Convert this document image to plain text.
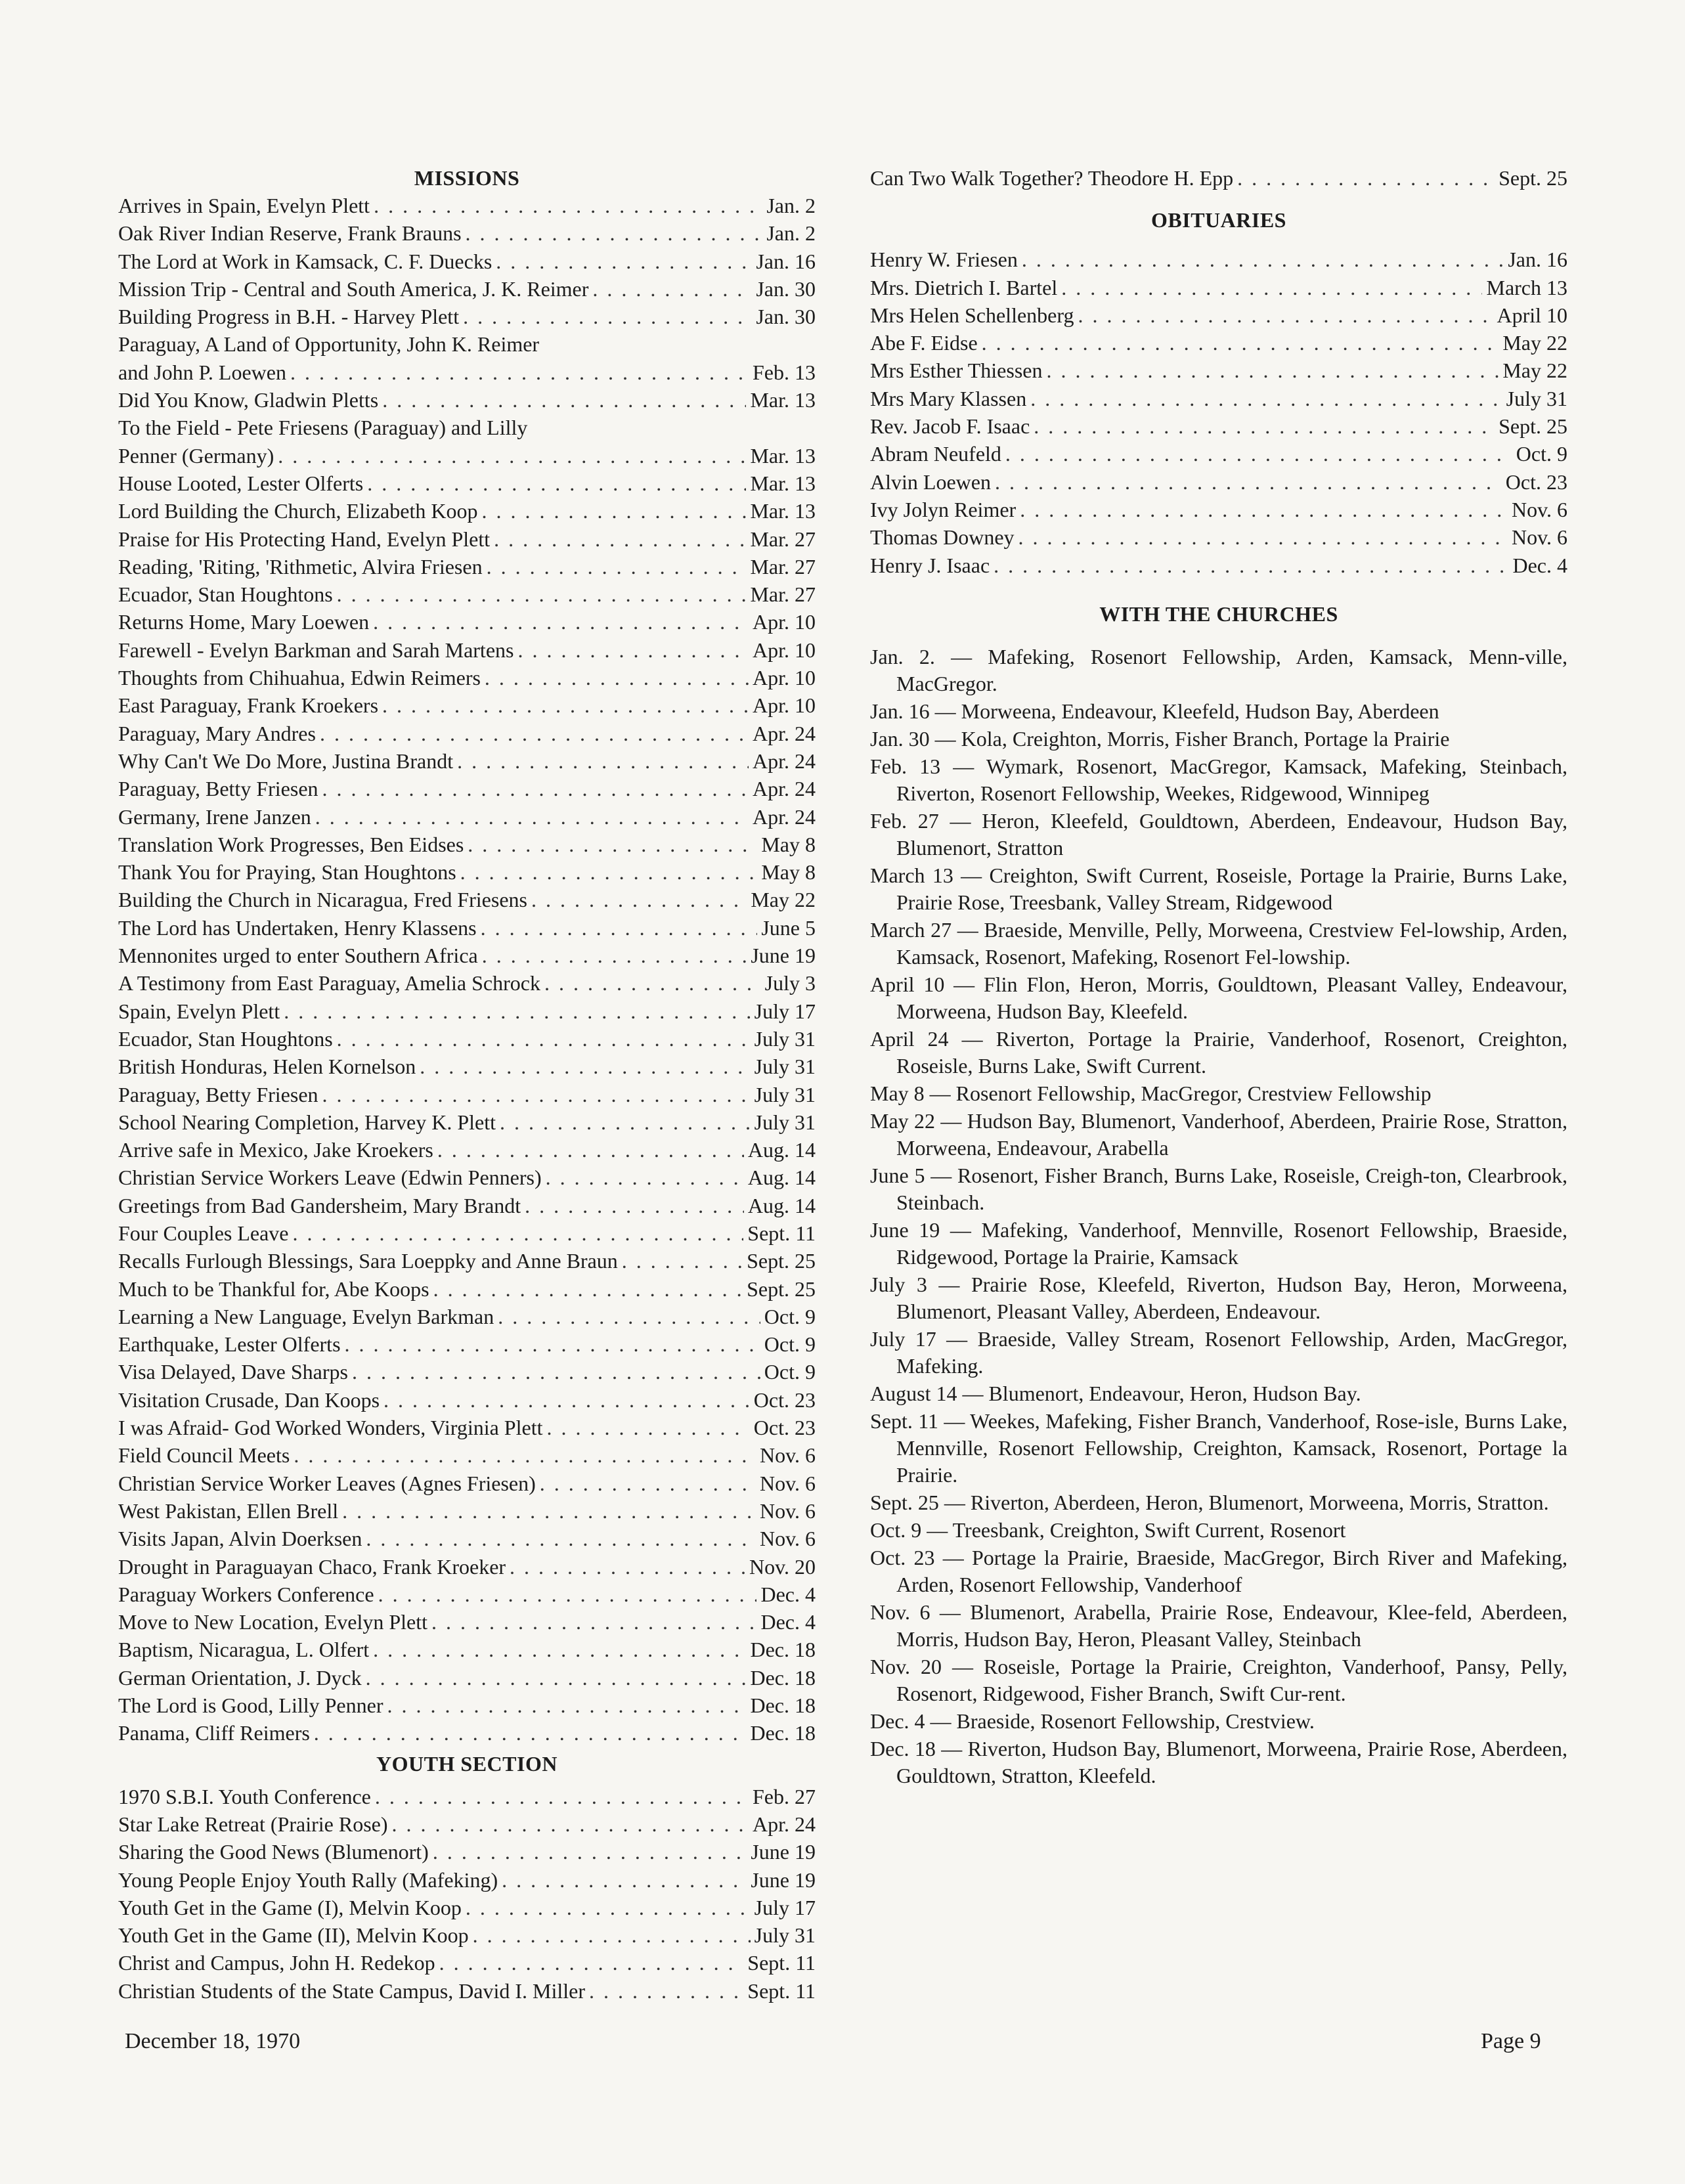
MISSIONS
Arrives in Spain, Evelyn Plett . . .	Jan. 2
Oak River Indian Reserve, Frank Brauns . . .	Jan. 2
The Lord at Work in Kamsack, C. F. Duecks . . .	Jan. 16
Mission Trip - Central and South America, J. K. Reimer . . .	Jan. 30
Building Progress in B.H. - Harvey Plett . . .	Jan. 30
Paraguay, A Land of Opportunity, John K. Reimer
and John P. Loewen . . .	Feb. 13
Did You Know, Gladwin Pletts . . .	Mar. 13
To the Field - Pete Friesens (Paraguay) and Lilly
Penner (Germany) . . .	Mar. 13
House Looted, Lester Olferts . . .	Mar. 13
Lord Building the Church, Elizabeth Koop . . .	Mar. 13
Praise for His Protecting Hand, Evelyn Plett . . .	Mar. 27
Reading, 'Riting, 'Rithmetic, Alvira Friesen . . .	Mar. 27
Ecuador, Stan Houghtons . . .	Mar. 27
Returns Home, Mary Loewen . . .	Apr. 10
Farewell - Evelyn Barkman and Sarah Martens . . .	Apr. 10
Thoughts from Chihuahua, Edwin Reimers . . .	Apr. 10
East Paraguay, Frank Kroekers . . .	Apr. 10
Paraguay, Mary Andres . . .	Apr. 24
Why Can't We Do More, Justina Brandt . . .	Apr. 24
Paraguay, Betty Friesen . . .	Apr. 24
Germany, Irene Janzen . . .	Apr. 24
Translation Work Progresses, Ben Eidses . . .	May 8
Thank You for Praying, Stan Houghtons . . .	May 8
Building the Church in Nicaragua, Fred Friesens . . .	May 22
The Lord has Undertaken, Henry Klassens . . .	June 5
Mennonites urged to enter Southern Africa . . .	June 19
A Testimony from East Paraguay, Amelia Schrock . . .	July 3
Spain, Evelyn Plett . . .	July 17
Ecuador, Stan Houghtons . . .	July 31
British Honduras, Helen Kornelson . . .	July 31
Paraguay, Betty Friesen . . .	July 31
School Nearing Completion, Harvey K. Plett . . .	July 31
Arrive safe in Mexico, Jake Kroekers . . .	Aug. 14
Christian Service Workers Leave (Edwin Penners) . . .	Aug. 14
Greetings from Bad Gandersheim, Mary Brandt . . .	Aug. 14
Four Couples Leave . . .	Sept. 11
Recalls Furlough Blessings, Sara Loeppky and Anne Braun . . .	Sept. 25
Much to be Thankful for, Abe Koops . . .	Sept. 25
Learning a New Language, Evelyn Barkman . . .	Oct. 9
Earthquake, Lester Olferts . . .	Oct. 9
Visa Delayed, Dave Sharps . . .	Oct. 9
Visitation Crusade, Dan Koops . . .	Oct. 23
I was Afraid- God Worked Wonders, Virginia Plett . . .	Oct. 23
Field Council Meets . . .	Nov. 6
Christian Service Worker Leaves (Agnes Friesen) . . .	Nov. 6
West Pakistan, Ellen Brell . . .	Nov. 6
Visits Japan, Alvin Doerksen . . .	Nov. 6
Drought in Paraguayan Chaco, Frank Kroeker . . .	Nov. 20
Paraguay Workers Conference . . .	Dec. 4
Move to New Location, Evelyn Plett . . .	Dec. 4
Baptism, Nicaragua, L. Olfert . . .	Dec. 18
German Orientation, J. Dyck . . .	Dec. 18
The Lord is Good, Lilly Penner . . .	Dec. 18
Panama, Cliff Reimers . . .	Dec. 18
YOUTH SECTION
1970 S.B.I. Youth Conference . . .	Feb. 27
Star Lake Retreat (Prairie Rose) . . .	Apr. 24
Sharing the Good News (Blumenort) . . .	June 19
Young People Enjoy Youth Rally (Mafeking) . . .	June 19
Youth Get in the Game (I), Melvin Koop . . .	July 17
Youth Get in the Game (II), Melvin Koop . . .	July 31
Christ and Campus, John H. Redekop . . .	Sept. 11
Christian Students of the State Campus, David I. Miller . . .	Sept. 11
Can Two Walk Together? Theodore H. Epp . . .	Sept. 25
OBITUARIES
Henry W. Friesen . . .	Jan. 16
Mrs. Dietrich I. Bartel . . .	March 13
Mrs Helen Schellenberg . . .	April 10
Abe F. Eidse . . .	May 22
Mrs Esther Thiessen . . .	May 22
Mrs Mary Klassen . . .	July 31
Rev. Jacob F. Isaac . . .	Sept. 25
Abram Neufeld . . .	Oct. 9
Alvin Loewen . . .	Oct. 23
Ivy Jolyn Reimer . . .	Nov. 6
Thomas Downey . . .	Nov. 6
Henry J. Isaac . . .	Dec. 4
WITH THE CHURCHES
Jan. 2. — Mafeking, Rosenort Fellowship, Arden, Kamsack, Menn-ville, MacGregor.
Jan. 16 — Morweena, Endeavour, Kleefeld, Hudson Bay, Aberdeen
Jan. 30 — Kola, Creighton, Morris, Fisher Branch, Portage la Prairie
Feb. 13 — Wymark, Rosenort, MacGregor, Kamsack, Mafeking, Steinbach, Riverton, Rosenort Fellowship, Weekes, Ridgewood, Winnipeg
Feb. 27 — Heron, Kleefeld, Gouldtown, Aberdeen, Endeavour, Hudson Bay, Blumenort, Stratton
March 13 — Creighton, Swift Current, Roseisle, Portage la Prairie, Burns Lake, Prairie Rose, Treesbank, Valley Stream, Ridgewood
March 27 — Braeside, Menville, Pelly, Morweena, Crestview Fel-lowship, Arden, Kamsack, Rosenort, Mafeking, Rosenort Fel-lowship.
April 10 — Flin Flon, Heron, Morris, Gouldtown, Pleasant Valley, Endeavour, Morweena, Hudson Bay, Kleefeld.
April 24 — Riverton, Portage la Prairie, Vanderhoof, Rosenort, Creighton, Roseisle, Burns Lake, Swift Current.
May 8 — Rosenort Fellowship, MacGregor, Crestview Fellowship
May 22 — Hudson Bay, Blumenort, Vanderhoof, Aberdeen, Prairie Rose, Stratton, Morweena, Endeavour, Arabella
June 5 — Rosenort, Fisher Branch, Burns Lake, Roseisle, Creigh-ton, Clearbrook, Steinbach.
June 19 — Mafeking, Vanderhoof, Mennville, Rosenort Fellowship, Braeside, Ridgewood, Portage la Prairie, Kamsack
July 3 — Prairie Rose, Kleefeld, Riverton, Hudson Bay, Heron, Morweena, Blumenort, Pleasant Valley, Aberdeen, Endeavour.
July 17 — Braeside, Valley Stream, Rosenort Fellowship, Arden, MacGregor, Mafeking.
August 14 — Blumenort, Endeavour, Heron, Hudson Bay.
Sept. 11 — Weekes, Mafeking, Fisher Branch, Vanderhoof, Rose-isle, Burns Lake, Mennville, Rosenort Fellowship, Creighton, Kamsack, Rosenort, Portage la Prairie.
Sept. 25 — Riverton, Aberdeen, Heron, Blumenort, Morweena, Morris, Stratton.
Oct. 9 — Treesbank, Creighton, Swift Current, Rosenort
Oct. 23 — Portage la Prairie, Braeside, MacGregor, Birch River and Mafeking, Arden, Rosenort Fellowship, Vanderhoof
Nov. 6 — Blumenort, Arabella, Prairie Rose, Endeavour, Klee-feld, Aberdeen, Morris, Hudson Bay, Heron, Pleasant Valley, Steinbach
Nov. 20 — Roseisle, Portage la Prairie, Creighton, Vanderhoof, Pansy, Pelly, Rosenort, Ridgewood, Fisher Branch, Swift Cur-rent.
Dec. 4 — Braeside, Rosenort Fellowship, Crestview.
Dec. 18 — Riverton, Hudson Bay, Blumenort, Morweena, Prairie Rose, Aberdeen, Gouldtown, Stratton, Kleefeld.
December 18, 1970	Page 9
